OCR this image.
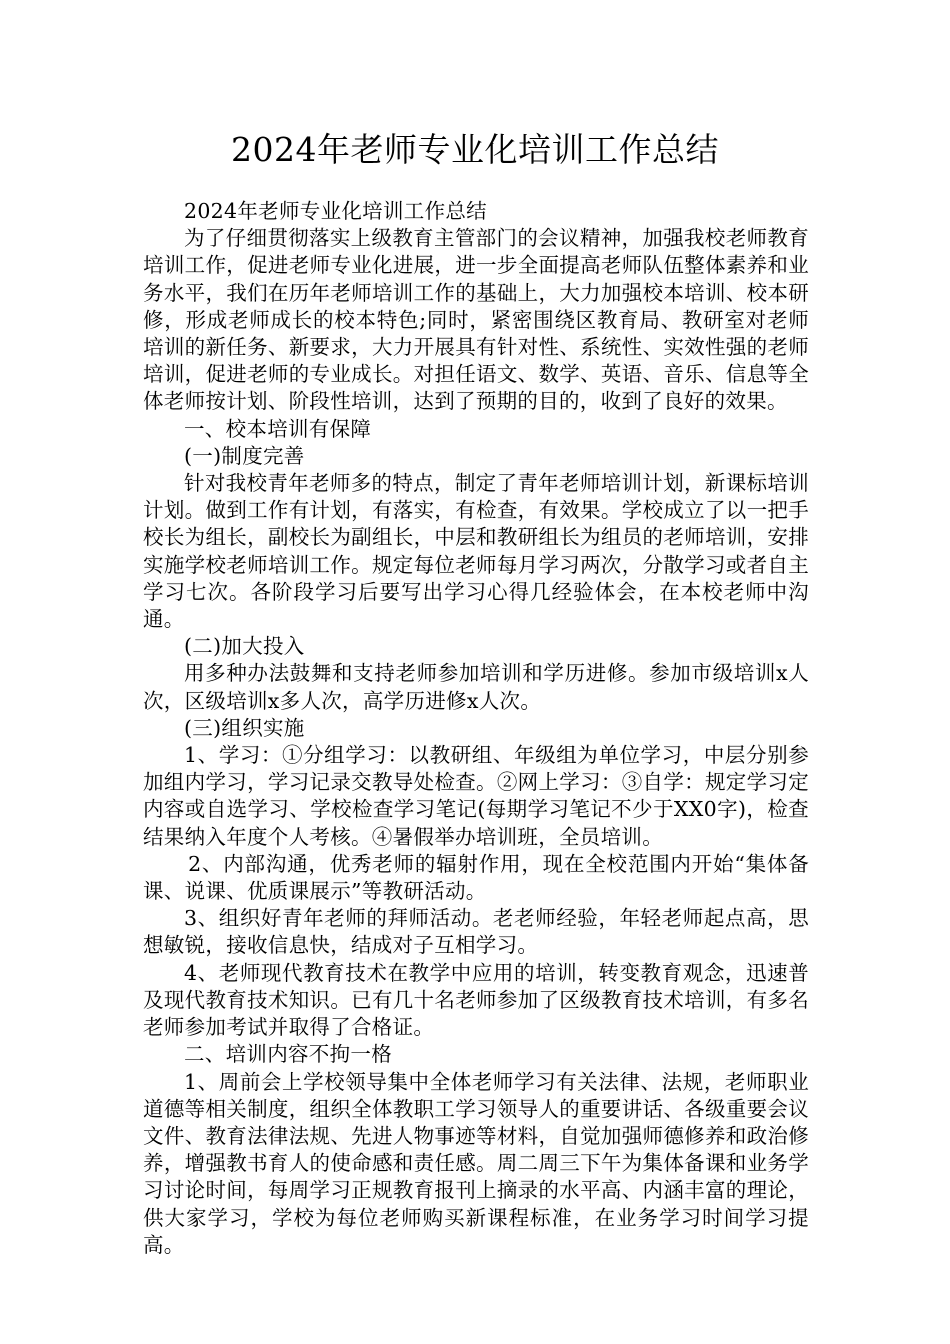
2024年老师专业化培训工作总结

2024年老师专业化培训工作总结

为了仔细贯彻落实上级教育主管部门的会议精神，加强我校老师教育培训工作，促进老师专业化进展，进一步全面提高老师队伍整体素养和业务水平，我们在历年老师培训工作的基础上，大力加强校本培训、校本研修，形成老师成长的校本特色;同时，紧密围绕区教育局、教研室对老师培训的新任务、新要求，大力开展具有针对性、系统性、实效性强的老师培训，促进老师的专业成长。对担任语文、数学、英语、音乐、信息等全体老师按计划、阶段性培训，达到了预期的目的，收到了良好的效果。

一、校本培训有保障

(一)制度完善

针对我校青年老师多的特点，制定了青年老师培训计划，新课标培训计划。做到工作有计划，有落实，有检查，有效果。学校成立了以一把手校长为组长，副校长为副组长，中层和教研组长为组员的老师培训，安排实施学校老师培训工作。规定每位老师每月学习两次，分散学习或者自主学习七次。各阶段学习后要写出学习心得几经验体会，在本校老师中沟通。

(二)加大投入

用多种办法鼓舞和支持老师参加培训和学历进修。参加市级培训x人次，区级培训x多人次，高学历进修x人次。

(三)组织实施

1、学习：①分组学习：以教研组、年级组为单位学习，中层分别参加组内学习，学习记录交教导处检查。②网上学习：③自学：规定学习定内容或自选学习、学校检查学习笔记(每期学习笔记不少于XX0字)，检查结果纳入年度个人考核。④暑假举办培训班，全员培训。

2、内部沟通，优秀老师的辐射作用，现在全校范围内开始“集体备课、说课、优质课展示”等教研活动。

3、组织好青年老师的拜师活动。老老师经验，年轻老师起点高，思想敏锐，接收信息快，结成对子互相学习。

4、老师现代教育技术在教学中应用的培训，转变教育观念，迅速普及现代教育技术知识。已有几十名老师参加了区级教育技术培训，有多名老师参加考试并取得了合格证。

二、培训内容不拘一格

1、周前会上学校领导集中全体老师学习有关法律、法规，老师职业道德等相关制度，组织全体教职工学习领导人的重要讲话、各级重要会议文件、教育法律法规、先进人物事迹等材料，自觉加强师德修养和政治修养，增强教书育人的使命感和责任感。周二周三下午为集体备课和业务学习讨论时间，每周学习正规教育报刊上摘录的水平高、内涵丰富的理论，供大家学习，学校为每位老师购买新课程标准，在业务学习时间学习提高。
